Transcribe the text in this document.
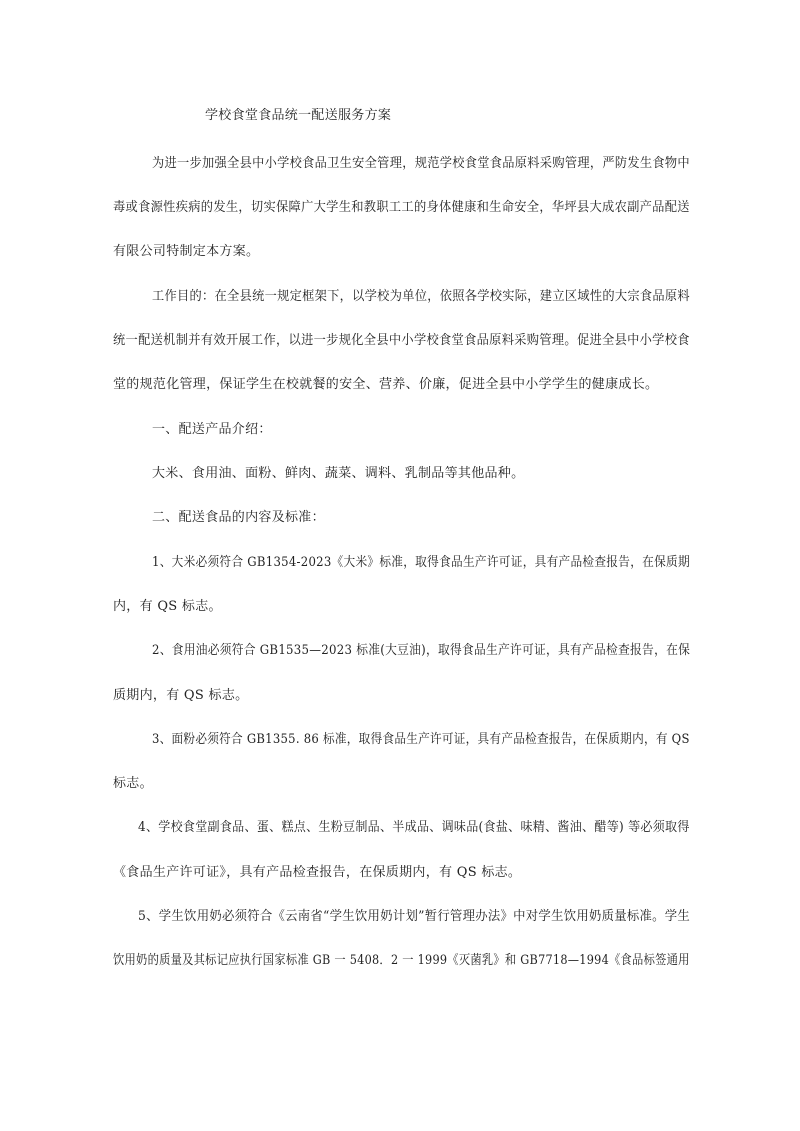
学校食堂食品统一配送服务方案
为进一步加强全县中小学校食品卫生安全管理，规范学校食堂食品原料采购管理，严防发生食物中
毒或食源性疾病的发生，切实保障广大学生和教职工工的身体健康和生命安全，华坪县大成农副产品配送
有限公司特制定本方案。
工作目的：在全县统一规定框架下，以学校为单位，依照各学校实际，建立区域性的大宗食品原料
统一配送机制并有效开展工作，以进一步规化全县中小学校食堂食品原料采购管理。促进全县中小学校食
堂的规范化管理，保证学生在校就餐的安全、营养、价廉，促进全县中小学学生的健康成长。
一、配送产品介绍：
大米、食用油、面粉、鲜肉、蔬菜、调料、乳制品等其他品种。
二、配送食品的内容及标准：
1、大米必须符合 GB1354-2023《大米》标准，取得食品生产许可证，具有产品检查报告，在保质期
内，有 QS 标志。
2、食用油必须符合 GB1535—2023 标准(大豆油)，取得食品生产许可证，具有产品检查报告，在保
质期内，有 QS 标志。
3、面粉必须符合 GB1355. 86 标准，取得食品生产许可证，具有产品检查报告，在保质期内，有 QS
标志。
4、学校食堂副食品、蛋、糕点、生粉豆制品、半成品、调味品(食盐、味精、酱油、醋等) 等必须取得
《食品生产许可证》，具有产品检查报告，在保质期内，有 QS 标志。
5、学生饮用奶必须符合《云南省“学生饮用奶计划”暂行管理办法》中对学生饮用奶质量标准。学生
饮用奶的质量及其标记应执行国家标准 GB 一 5408．2 一 1999《灭菌乳》和 GB7718—1994《食品标签通用
